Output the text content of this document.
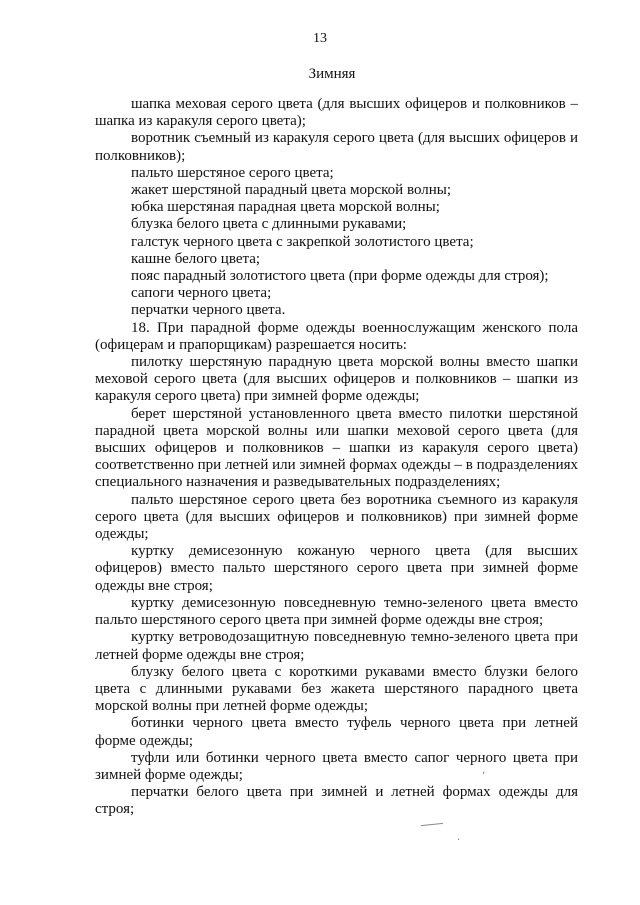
13
Зимняя

шапка меховая серого цвета (для высших офицеров и полковников – шапка из каракуля серого цвета);

воротник съемный из каракуля серого цвета (для высших офицеров и полковников);

пальто шерстяное серого цвета;

жакет шерстяной парадный цвета морской волны;

юбка шерстяная парадная цвета морской волны;

блузка белого цвета с длинными рукавами;

галстук черного цвета с закрепкой золотистого цвета;

кашне белого цвета;

пояс парадный золотистого цвета (при форме одежды для строя);

сапоги черного цвета;

перчатки черного цвета.

18. При парадной форме одежды военнослужащим женского пола (офицерам и прапорщикам) разрешается носить:

пилотку шерстяную парадную цвета морской волны вместо шапки меховой серого цвета (для высших офицеров и полковников – шапки из каракуля серого цвета) при зимней форме одежды;

берет шерстяной установленного цвета вместо пилотки шерстяной парадной цвета морской волны или шапки меховой серого цвета (для высших офицеров и полковников – шапки из каракуля серого цвета) соответственно при летней или зимней формах одежды – в подразделениях специального назначения и разведывательных подразделениях;

пальто шерстяное серого цвета без воротника съемного из каракуля серого цвета (для высших офицеров и полковников) при зимней форме одежды;

куртку демисезонную кожаную черного цвета (для высших офицеров) вместо пальто шерстяного серого цвета при зимней форме одежды вне строя;

куртку демисезонную повседневную темно-зеленого цвета вместо пальто шерстяного серого цвета при зимней форме одежды вне строя;

куртку ветроводозащитную повседневную темно-зеленого цвета при летней форме одежды вне строя;

блузку белого цвета с короткими рукавами вместо блузки белого цвета с длинными рукавами без жакета шерстяного парадного цвета морской волны при летней форме одежды;

ботинки черного цвета вместо туфель черного цвета при летней форме одежды;

туфли или ботинки черного цвета вместо сапог черного цвета при зимней форме одежды;

перчатки белого цвета при зимней и летней формах одежды для строя;

ʼ
·
